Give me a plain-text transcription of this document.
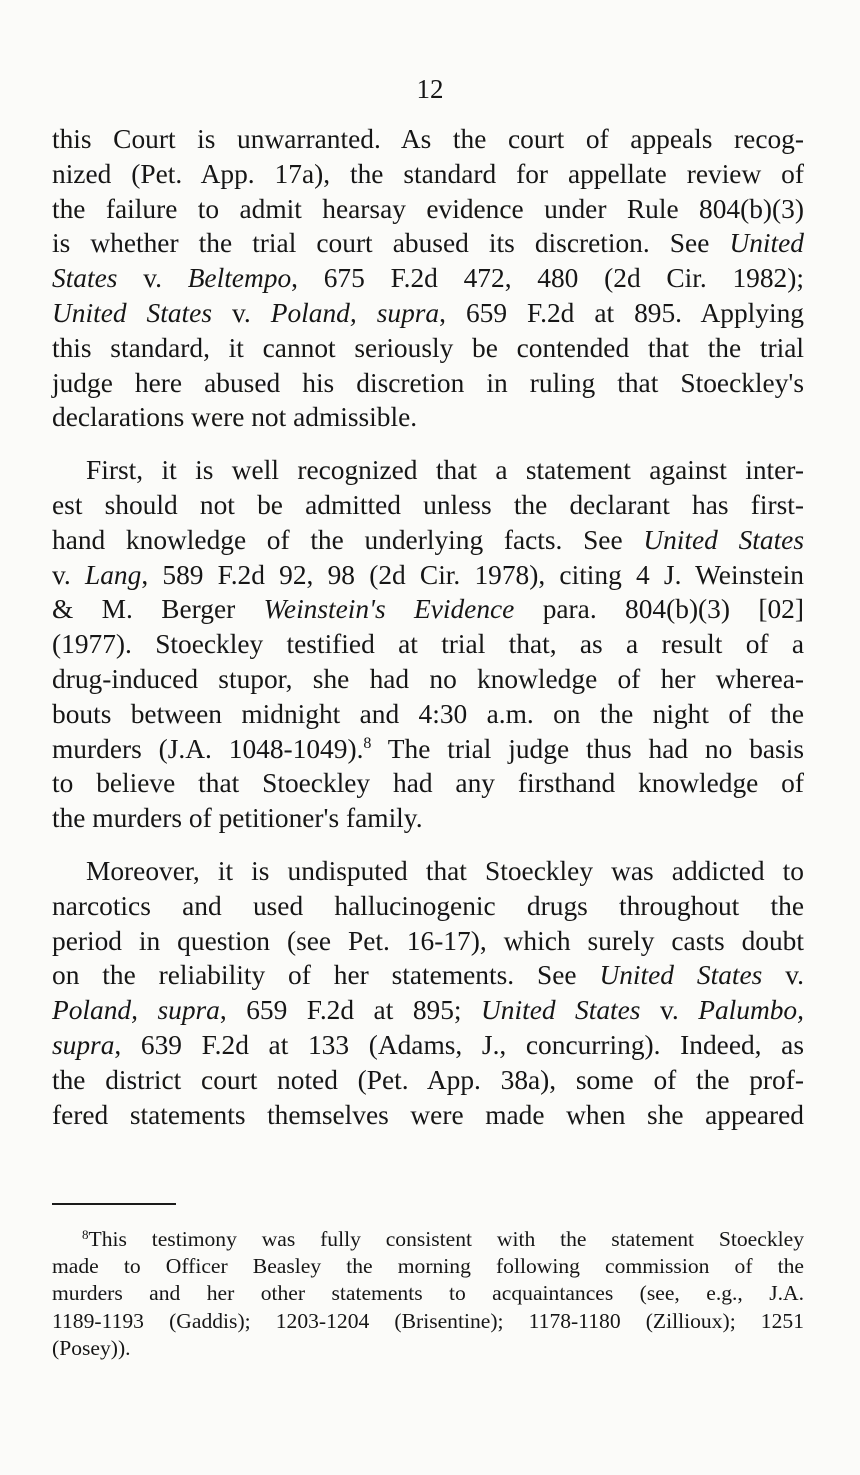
12

this Court is unwarranted. As the court of appeals recog-
nized (Pet. App. 17a), the standard for appellate review of
the failure to admit hearsay evidence under Rule 804(b)(3)
is whether the trial court abused its discretion. See United
States v. Beltempo, 675 F.2d 472, 480 (2d Cir. 1982);
United States v. Poland, supra, 659 F.2d at 895. Applying
this standard, it cannot seriously be contended that the trial
judge here abused his discretion in ruling that Stoeckley's
declarations were not admissible.

First, it is well recognized that a statement against inter-
est should not be admitted unless the declarant has first-
hand knowledge of the underlying facts. See United States
v. Lang, 589 F.2d 92, 98 (2d Cir. 1978), citing 4 J. Weinstein
& M. Berger Weinstein's Evidence para. 804(b)(3) [02]
(1977). Stoeckley testified at trial that, as a result of a
drug-induced stupor, she had no knowledge of her wherea-
bouts between midnight and 4:30 a.m. on the night of the
murders (J.A. 1048-1049).$^8$ The trial judge thus had no basis
to believe that Stoeckley had any firsthand knowledge of
the murders of petitioner's family.

Moreover, it is undisputed that Stoeckley was addicted to
narcotics and used hallucinogenic drugs throughout the
period in question (see Pet. 16-17), which surely casts doubt
on the reliability of her statements. See United States v.
Poland, supra, 659 F.2d at 895; United States v. Palumbo,
supra, 639 F.2d at 133 (Adams, J., concurring). Indeed, as
the district court noted (Pet. App. 38a), some of the prof-
fered statements themselves were made when she appeared

$^8$This testimony was fully consistent with the statement Stoeckley
made to Officer Beasley the morning following commission of the
murders and her other statements to acquaintances (see, e.g., J.A.
1189-1193 (Gaddis); 1203-1204 (Brisentine); 1178-1180 (Zillioux); 1251
(Posey)).
